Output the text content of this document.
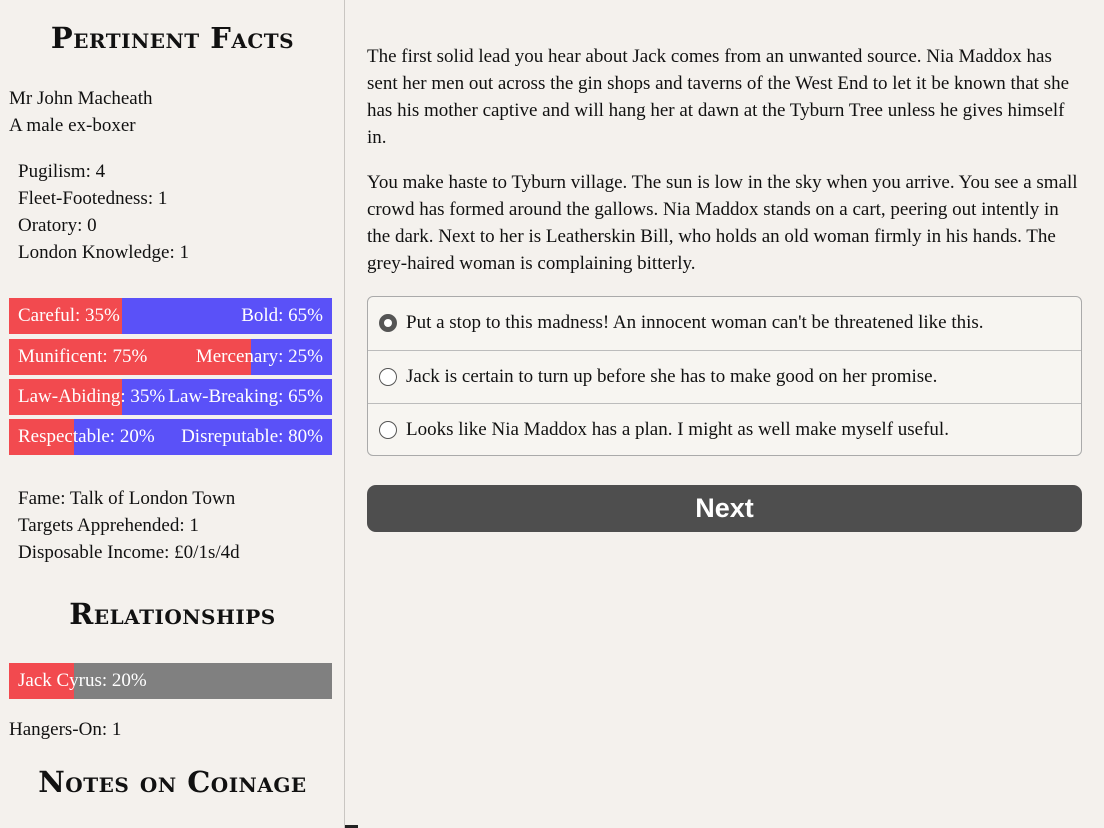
Pertinent Facts
Mr John Macheath
A male ex-boxer
Pugilism: 4
Fleet-Footedness: 1
Oratory: 0
London Knowledge: 1
Careful: 35%	Bold: 65%
Munificent: 75%	Mercenary: 25%
Law-Abiding: 35% Law-Breaking: 65%
Respectable: 20% Disreputable: 80%
Fame: Talk of London Town
Targets Apprehended: 1
Disposable Income: £0/1s/4d
Relationships
Jack Cyrus: 20%
Hangers-On: 1
Notes on Coinage

The first solid lead you hear about Jack comes from an unwanted source. Nia Maddox has sent her men out across the gin shops and taverns of the West End to let it be known that she has his mother captive and will hang her at dawn at the Tyburn Tree unless he gives himself in.

You make haste to Tyburn village. The sun is low in the sky when you arrive. You see a small crowd has formed around the gallows. Nia Maddox stands on a cart, peering out intently in the dark. Next to her is Leatherskin Bill, who holds an old woman firmly in his hands. The grey-haired woman is complaining bitterly.

Put a stop to this madness! An innocent woman can't be threatened like this.
Jack is certain to turn up before she has to make good on her promise.
Looks like Nia Maddox has a plan. I might as well make myself useful.
Next
